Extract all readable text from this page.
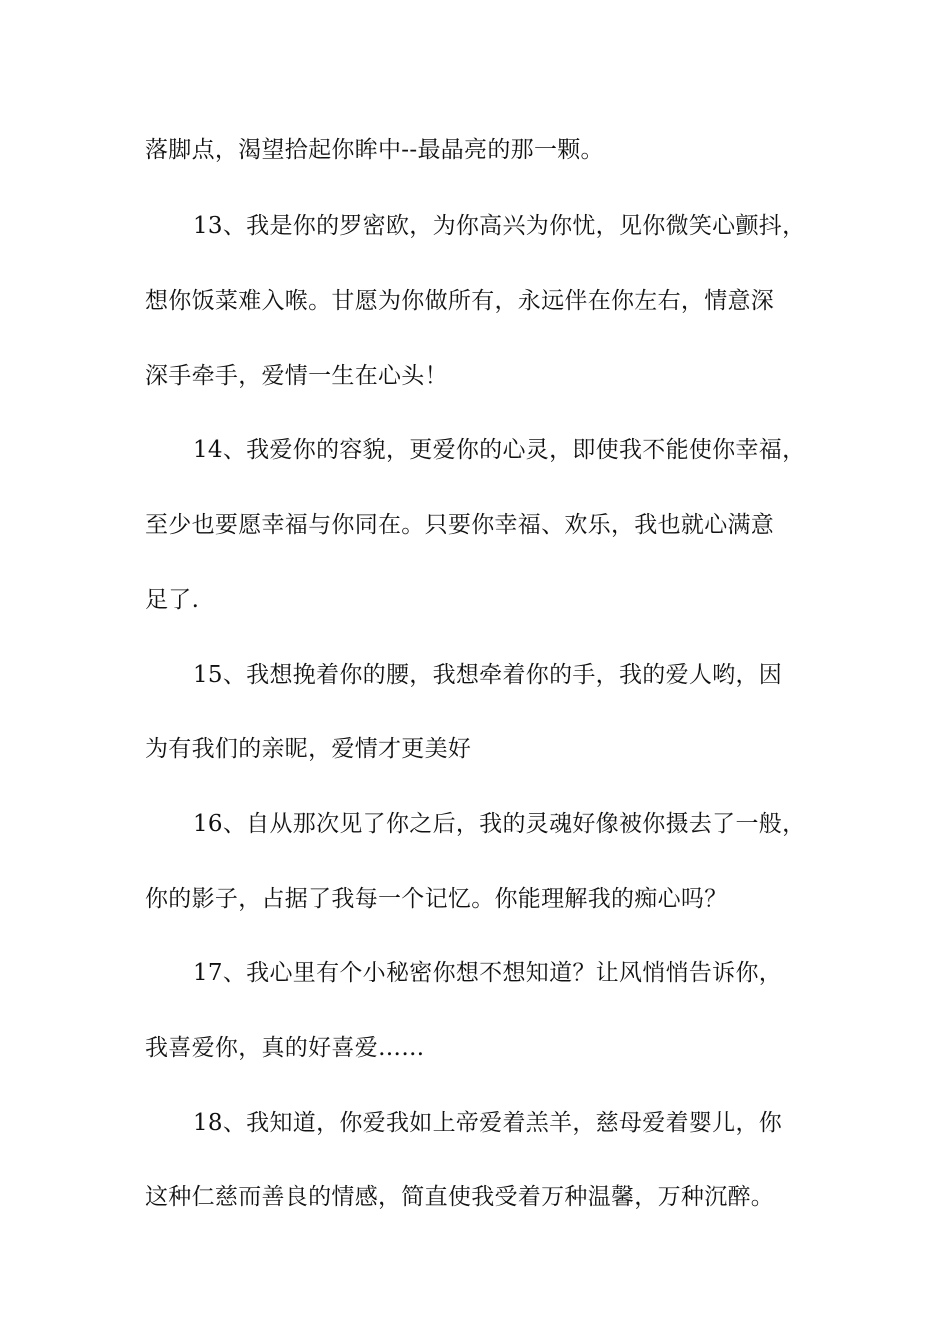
落脚点，渴望拾起你眸中--最晶亮的那一颗。
13、我是你的罗密欧，为你高兴为你忧，见你微笑心颤抖，
想你饭菜难入喉。甘愿为你做所有，永远伴在你左右，情意深
深手牵手，爱情一生在心头！
14、我爱你的容貌，更爱你的心灵，即使我不能使你幸福，
至少也要愿幸福与你同在。只要你幸福、欢乐，我也就心满意
足了.
15、我想挽着你的腰，我想牵着你的手，我的爱人哟，因
为有我们的亲昵，爱情才更美好
16、自从那次见了你之后，我的灵魂好像被你摄去了一般，
你的影子，占据了我每一个记忆。你能理解我的痴心吗？
17、我心里有个小秘密你想不想知道？让风悄悄告诉你，
我喜爱你，真的好喜爱……
18、我知道，你爱我如上帝爱着羔羊，慈母爱着婴儿，你
这种仁慈而善良的情感，简直使我受着万种温馨，万种沉醉。
